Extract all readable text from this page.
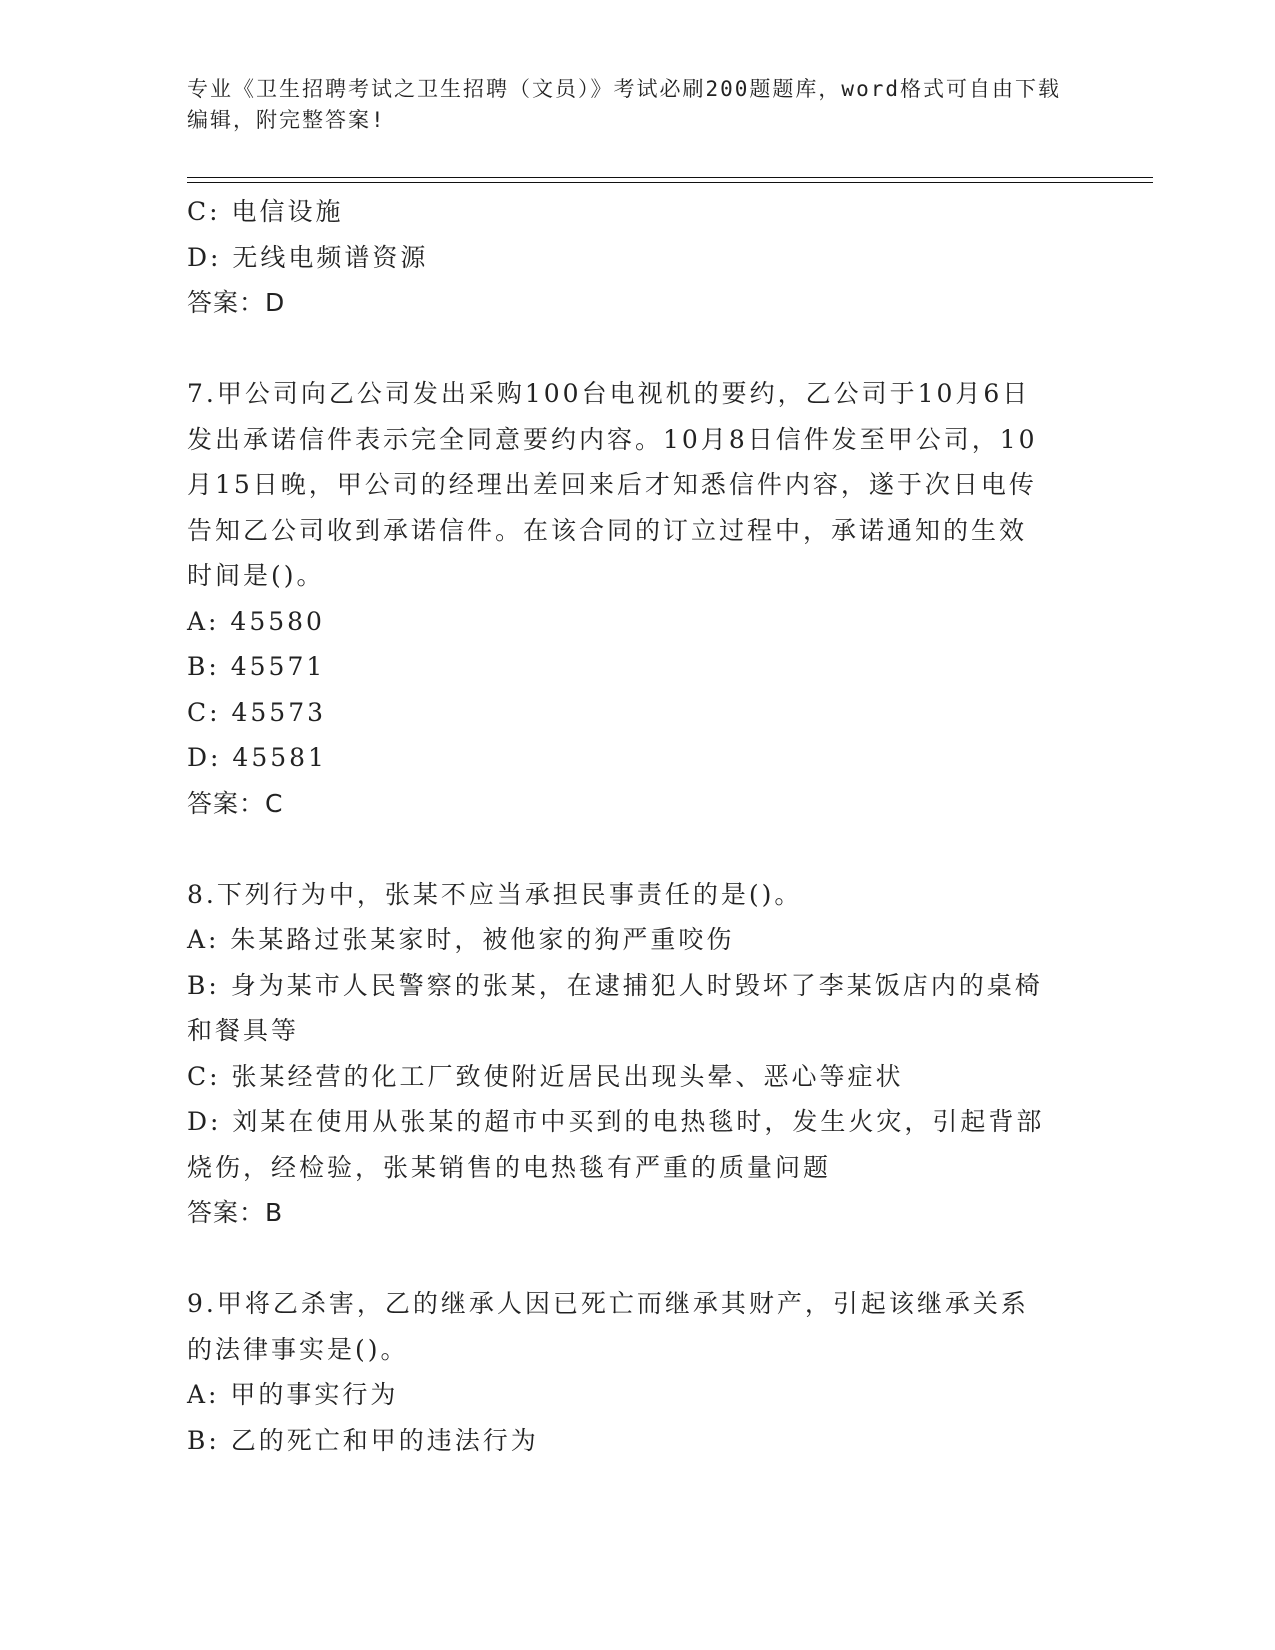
专业《卫生招聘考试之卫生招聘（文员）》考试必刷200题题库，word格式可自由下载编辑，附完整答案!
C: 电信设施
D: 无线电频谱资源
答案：D
7.甲公司向乙公司发出采购100台电视机的要约，乙公司于10月6日
发出承诺信件表示完全同意要约内容。10月8日信件发至甲公司，10
月15日晚，甲公司的经理出差回来后才知悉信件内容，遂于次日电传
告知乙公司收到承诺信件。在该合同的订立过程中，承诺通知的生效
时间是()。
A: 45580
B: 45571
C: 45573
D: 45581
答案：C
8.下列行为中，张某不应当承担民事责任的是()。
A: 朱某路过张某家时，被他家的狗严重咬伤
B: 身为某市人民警察的张某，在逮捕犯人时毁坏了李某饭店内的桌椅
和餐具等
C: 张某经营的化工厂致使附近居民出现头晕、恶心等症状
D: 刘某在使用从张某的超市中买到的电热毯时，发生火灾，引起背部
烧伤，经检验，张某销售的电热毯有严重的质量问题
答案：B
9.甲将乙杀害，乙的继承人因已死亡而继承其财产，引起该继承关系
的法律事实是()。
A: 甲的事实行为
B: 乙的死亡和甲的违法行为
